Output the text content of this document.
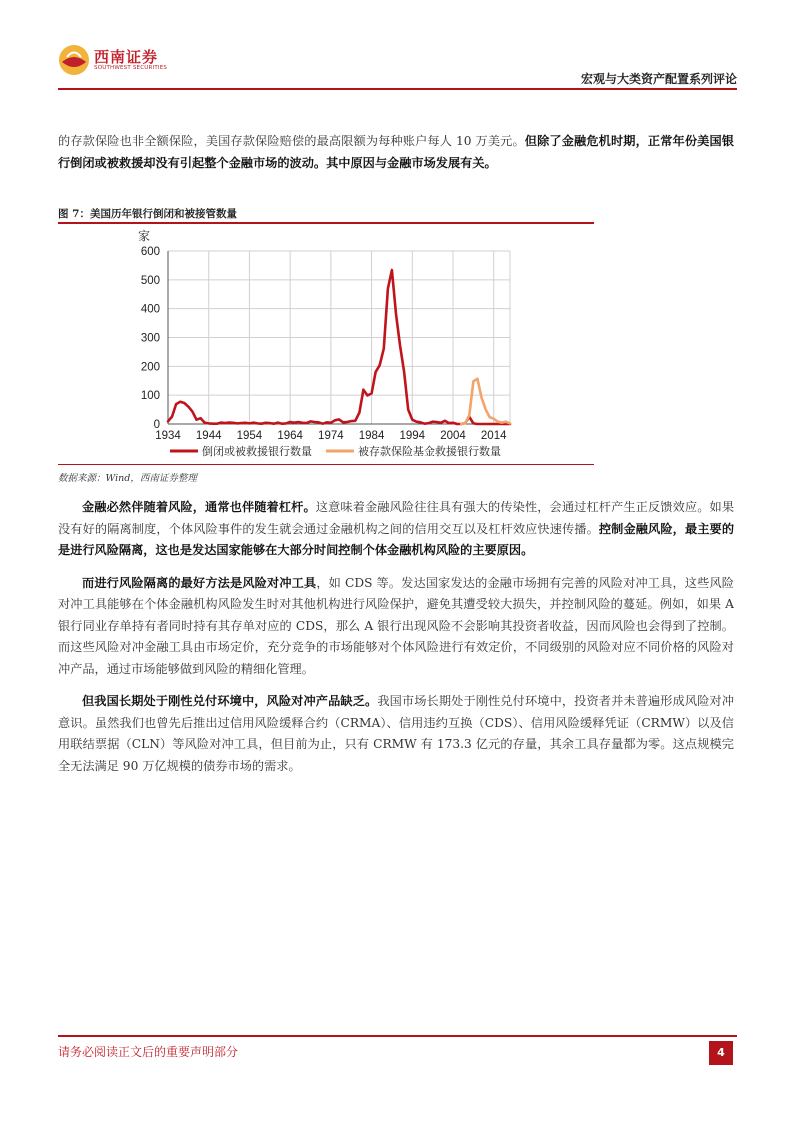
西南证券
SOUTHWEST SECURITIES
宏观与大类资产配置系列评论

的存款保险也非全额保险，美国存款保险赔偿的最高限额为每种账户每人 10 万美元。但除了金融危机时期，正常年份美国银行倒闭或被救援却没有引起整个金融市场的波动。其中原因与金融市场发展有关。

图 7：美国历年银行倒闭和被接管数量
0
100
200
300
400
500
600
1934 1944 1954 1964 1974 1984 1994 2004 2014
家
倒闭或被救援银行数量	被存款保险基金救援银行数量
数据来源：Wind，西南证券整理

金融必然伴随着风险，通常也伴随着杠杆。这意味着金融风险往往具有强大的传染性，会通过杠杆产生正反馈效应。如果没有好的隔离制度，个体风险事件的发生就会通过金融机构之间的信用交互以及杠杆效应快速传播。控制金融风险，最主要的是进行风险隔离，这也是发达国家能够在大部分时间控制个体金融机构风险的主要原因。

而进行风险隔离的最好方法是风险对冲工具，如 CDS 等。发达国家发达的金融市场拥有完善的风险对冲工具，这些风险对冲工具能够在个体金融机构风险发生时对其他机构进行风险保护，避免其遭受较大损失，并控制风险的蔓延。例如，如果 A 银行同业存单持有者同时持有其存单对应的 CDS，那么 A 银行出现风险不会影响其投资者收益，因而风险也会得到了控制。而这些风险对冲金融工具由市场定价，充分竞争的市场能够对个体风险进行有效定价，不同级别的风险对应不同价格的风险对冲产品，通过市场能够做到风险的精细化管理。

但我国长期处于刚性兑付环境中，风险对冲产品缺乏。我国市场长期处于刚性兑付环境中，投资者并未普遍形成风险对冲意识。虽然我们也曾先后推出过信用风险缓释合约（CRMA）、信用违约互换（CDS）、信用风险缓释凭证（CRMW）以及信用联结票据（CLN）等风险对冲工具，但目前为止，只有 CRMW 有 173.3 亿元的存量，其余工具存量都为零。这点规模完全无法满足 90 万亿规模的债券市场的需求。

请务必阅读正文后的重要声明部分	4
